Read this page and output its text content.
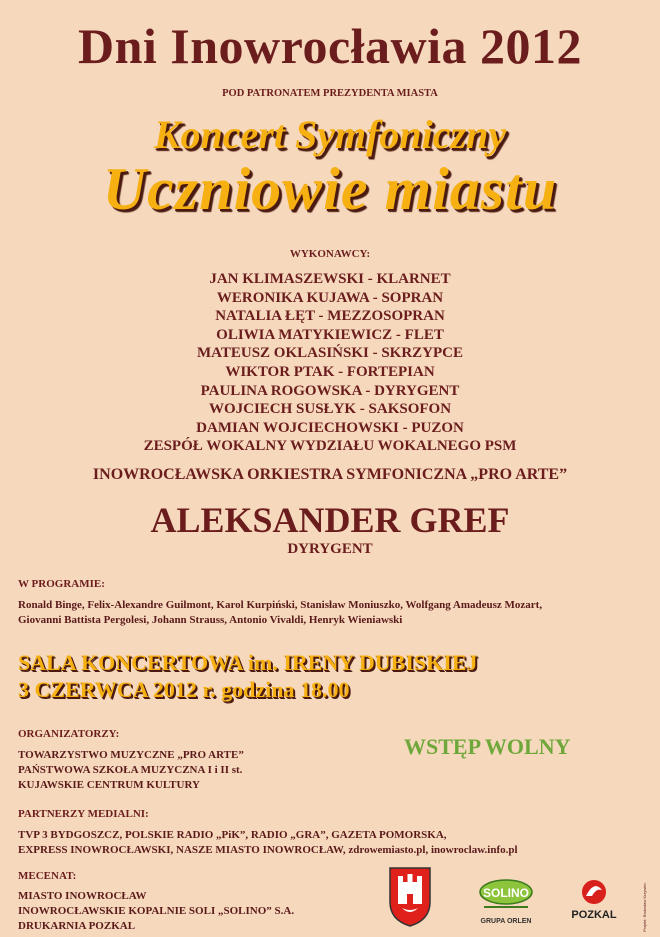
Dni Inowrocławia 2012
POD PATRONATEM PREZYDENTA MIASTA
Koncert Symfoniczny
Uczniowie miastu
WYKONAWCY:
JAN KLIMASZEWSKI - KLARNET
WERONIKA KUJAWA - SOPRAN
NATALIA ŁĘT - MEZZOSOPRAN
OLIWIA MATYKIEWICZ - FLET
MATEUSZ OKLASIŃSKI - SKRZYPCE
WIKTOR PTAK - FORTEPIAN
PAULINA ROGOWSKA - DYRYGENT
WOJCIECH SUSŁYK - SAKSOFON
DAMIAN WOJCIECHOWSKI - PUZON
ZESPÓŁ WOKALNY WYDZIAŁU WOKALNEGO PSM
INOWROCŁAWSKA ORKIESTRA SYMFONICZNA „PRO ARTE”
ALEKSANDER GREF
DYRYGENT
W PROGRAMIE:
Ronald Binge, Felix-Alexandre Guilmont, Karol Kurpiński, Stanisław Moniuszko, Wolfgang Amadeusz Mozart,
Giovanni Battista Pergolesi, Johann Strauss, Antonio Vivaldi, Henryk Wieniawski
SALA KONCERTOWA im. IRENY DUBISKIEJ
3 CZERWCA 2012 r. godzina 18.00
ORGANIZATORZY:
TOWARZYSTWO MUZYCZNE „PRO ARTE”
PAŃSTWOWA SZKOŁA MUZYCZNA I i II st.
KUJAWSKIE CENTRUM KULTURY
WSTĘP WOLNY
PARTNERZY MEDIALNI:
TVP 3 BYDGOSZCZ, POLSKIE RADIO „PiK”, RADIO „GRA”, GAZETA POMORSKA,
EXPRESS INOWROCŁAWSKI, NASZE MIASTO INOWROCŁAW, zdrowemiasto.pl, inowroclaw.info.pl
MECENAT:
MIASTO INOWROCŁAW
INOWROCŁAWSKIE KOPALNIE SOLI „SOLINO” S.A.
DRUKARNIA POZKAL
SOLINO
GRUPA ORLEN
POZKAL	Projekt: Radosław Krzywiec
